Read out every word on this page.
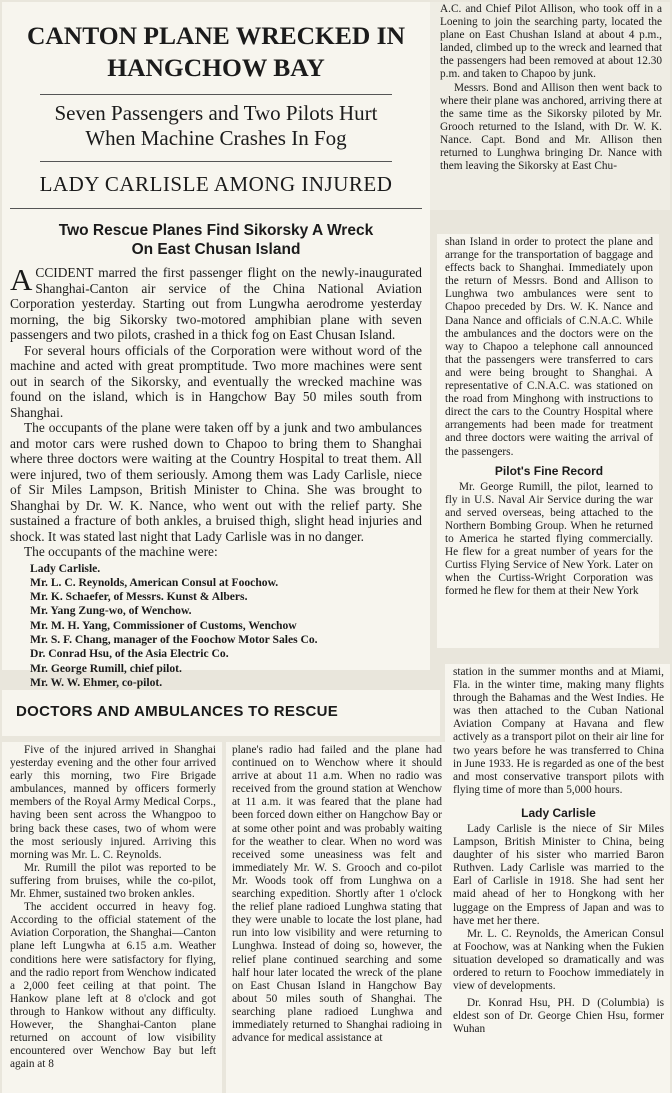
CANTON PLANE WRECKED IN
HANGCHOW BAY

Seven Passengers and Two Pilots Hurt

When Machine Crashes In Fog

LADY CARLISLE AMONG INJURED

Two Rescue Planes Find Sikorsky A Wreck

On East Chusan Island

ACCIDENT marred the first passenger flight on the newly-inaugurated Shanghai-Canton air service of the China National Aviation Corporation yesterday. Starting out from Lungwha aerodrome yesterday morning, the big Sikorsky two-motored amphibian plane with seven passengers and two pilots, crashed in a thick fog on East Chusan Island.

For several hours officials of the Corporation were without word of the machine and acted with great promptitude. Two more machines were sent out in search of the Sikorsky, and eventually the wrecked machine was found on the island, which is in Hangchow Bay 50 miles south from Shanghai.

The occupants of the plane were taken off by a junk and two ambulances and motor cars were rushed down to Chapoo to bring them to Shanghai where three doctors were waiting at the Country Hospital to treat them. All were injured, two of them seriously. Among them was Lady Carlisle, niece of Sir Miles Lampson, British Minister to China. She was brought to Shanghai by Dr. W. K. Nance, who went out with the relief party. She sustained a fracture of both ankles, a bruised thigh, slight head injuries and shock. It was stated last night that Lady Carlisle was in no danger.

The occupants of the machine were:

Lady Carlisle.
Mr. L. C. Reynolds, American Consul at Foochow.
Mr. K. Schaefer, of Messrs. Kunst & Albers.
Mr. Yang Zung-wo, of Wenchow.
Mr. M. H. Yang, Commissioner of Customs, Wenchow
Mr. S. F. Chang, manager of the Foochow Motor Sales Co.
Dr. Conrad Hsu, of the Asia Electric Co.
Mr. George Rumill, chief pilot.
Mr. W. W. Ehmer, co-pilot.

DOCTORS AND AMBULANCES TO RESCUE

Five of the injured arrived in Shanghai yesterday evening and the other four arrived early this morning, two Fire Brigade ambulances, manned by officers formerly members of the Royal Army Medical Corps., having been sent across the Whangpoo to bring back these cases, two of whom were the most seriously injured. Arriving this morning was Mr. L. C. Reynolds.

Mr. Rumill the pilot was reported to be suffering from bruises, while the co-pilot, Mr. Ehmer, sustained two broken ankles.

The accident occurred in heavy fog. According to the official statement of the Aviation Corporation, the Shanghai—Canton plane left Lungwha at 6.15 a.m. Weather conditions here were satisfactory for flying, and the radio report from Wenchow indicated a 2,000 feet ceiling at that point. The Hankow plane left at 8 o'clock and got through to Hankow without any difficulty. However, the Shanghai-Canton plane returned on account of low visibility encountered over Wenchow Bay but left again at 8

plane's radio had failed and the plane had continued on to Wenchow where it should arrive at about 11 a.m. When no radio was received from the ground station at Wenchow at 11 a.m. it was feared that the plane had been forced down either on Hangchow Bay or at some other point and was probably waiting for the weather to clear. When no word was received some uneasiness was felt and immediately Mr. W. S. Grooch and co-pilot Mr. Woods took off from Lunghwa on a searching expedition. Shortly after 1 o'clock the relief plane radioed Lunghwa stating that they were unable to locate the lost plane, had run into low visibility and were returning to Lunghwa. Instead of doing so, however, the relief plane continued searching and some half hour later located the wreck of the plane on East Chusan Island in Hangchow Bay about 50 miles south of Shanghai. The searching plane radioed Lunghwa and immediately returned to Shanghai radioing in advance for medical assistance at

A.C. and Chief Pilot Allison, who took off in a Loening to join the searching party, located the plane on East Chushan Island at about 4 p.m., landed, climbed up to the wreck and learned that the passengers had been removed at about 12.30 p.m. and taken to Chapoo by junk.

Messrs. Bond and Allison then went back to where their plane was anchored, arriving there at the same time as the Sikorsky piloted by Mr. Grooch returned to the Island, with Dr. W. K. Nance. Capt. Bond and Mr. Allison then returned to Lunghwa bringing Dr. Nance with them leaving the Sikorsky at East Chu-

shan Island in order to protect the plane and arrange for the transportation of baggage and effects back to Shanghai. Immediately upon the return of Messrs. Bond and Allison to Lunghwa two ambulances were sent to Chapoo preceded by Drs. W. K. Nance and Dana Nance and officials of C.N.A.C. While the ambulances and the doctors were on the way to Chapoo a telephone call announced that the passengers were transferred to cars and were being brought to Shanghai. A representative of C.N.A.C. was stationed on the road from Minghong with instructions to direct the cars to the Country Hospital where arrangements had been made for treatment and three doctors were waiting the arrival of the passengers.

Pilot's Fine Record

Mr. George Rumill, the pilot, learned to fly in U.S. Naval Air Service during the war and served overseas, being attached to the Northern Bombing Group. When he returned to America he started flying commercially. He flew for a great number of years for the Curtiss Flying Service of New York. Later on when the Curtiss-Wright Corporation was formed he flew for them at their New York

station in the summer months and at Miami, Fla. in the winter time, making many flights through the Bahamas and the West Indies. He was then attached to the Cuban National Aviation Company at Havana and flew actively as a transport pilot on their air line for two years before he was transferred to China in June 1933. He is regarded as one of the best and most conservative transport pilots with flying time of more than 5,000 hours.

Lady Carlisle

Lady Carlisle is the niece of Sir Miles Lampson, British Minister to China, being daughter of his sister who married Baron Ruthven. Lady Carlisle was married to the Earl of Carlisle in 1918. She had sent her maid ahead of her to Hongkong with her luggage on the Empress of Japan and was to have met her there.

Mr. L. C. Reynolds, the American Consul at Foochow, was at Nanking when the Fukien situation developed so dramatically and was ordered to return to Foochow immediately in view of developments.

Dr. Konrad Hsu, PH. D (Columbia) is eldest son of Dr. George Chien Hsu, former Wuhan
